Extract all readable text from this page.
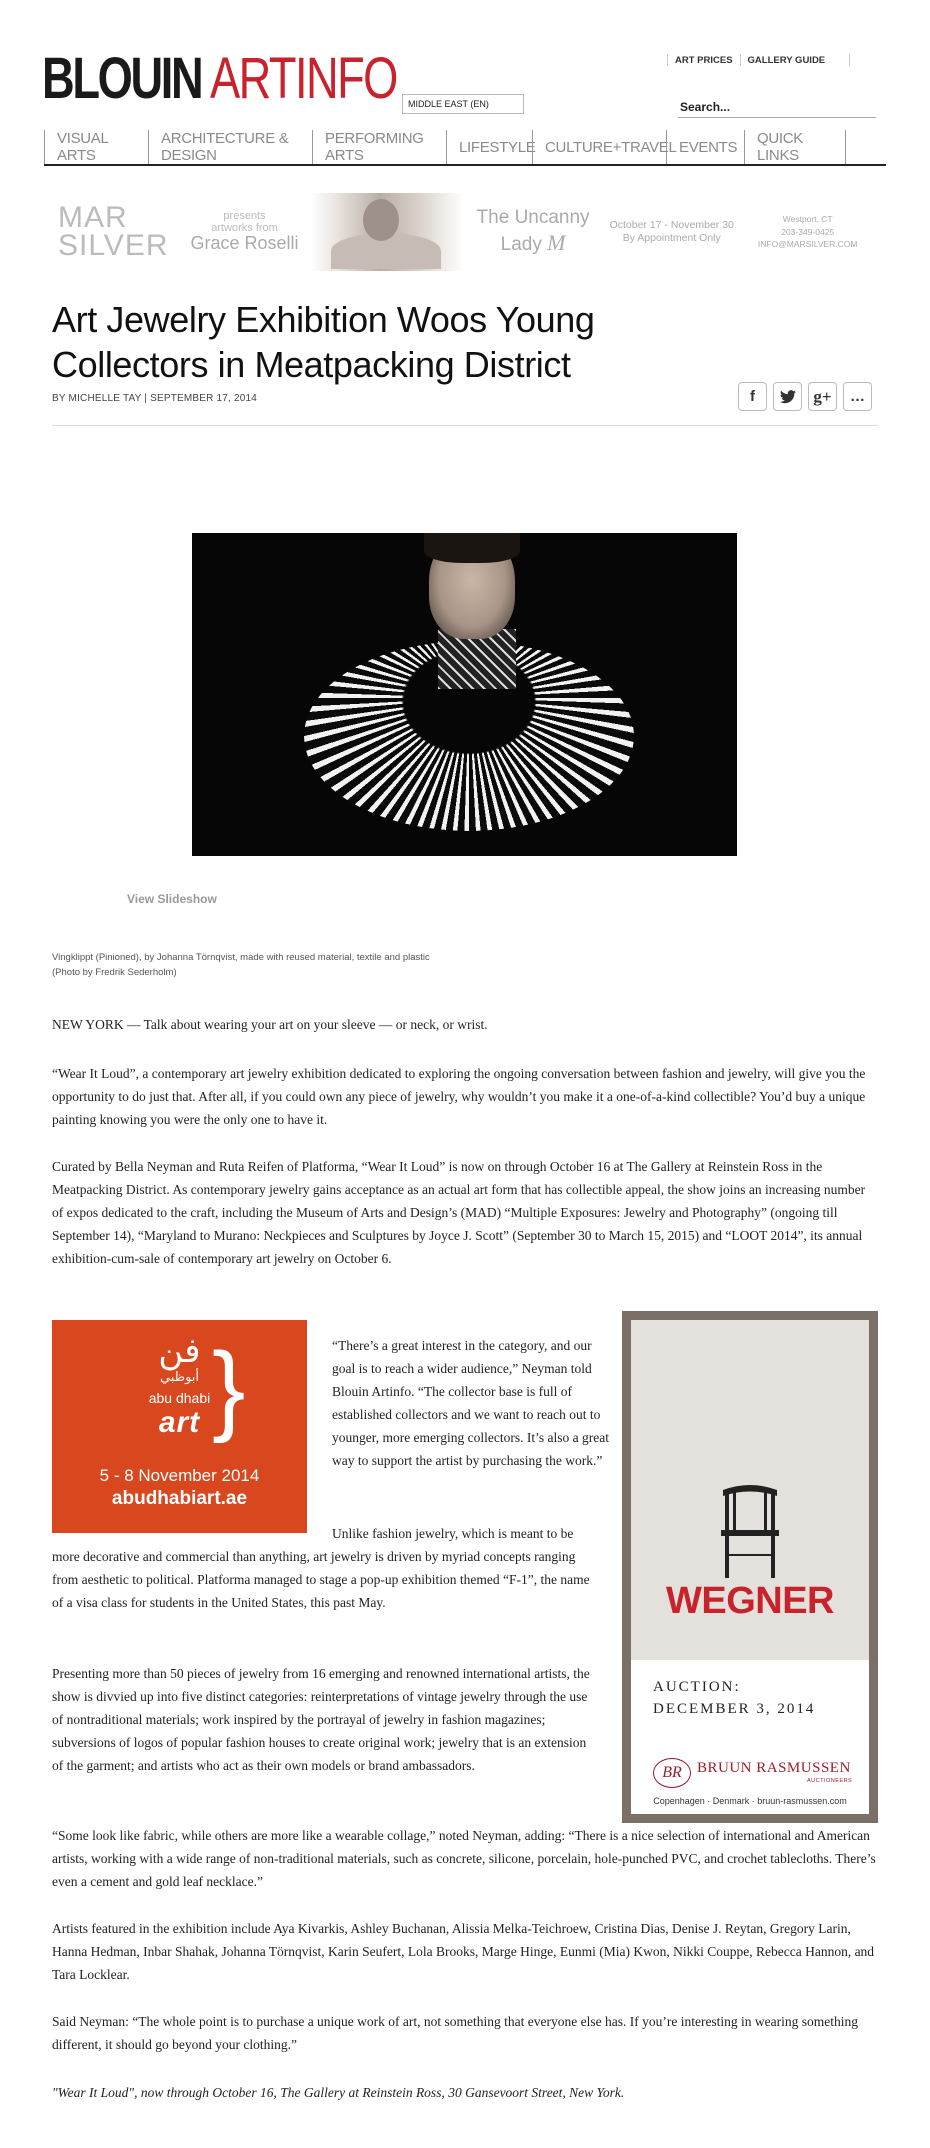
BLOUIN ARTINFO	MIDDLE EAST (EN)
ART PRICES GALLERY GUIDE
Search...
VISUAL ARTS
ARCHITECTURE & DESIGN
PERFORMING ARTS	LIFESTYLE CULTURE+TRAVEL EVENTS	QUICK LINKS
MAR
SILVER
presents
artworks from
Grace Roselli
The Uncanny
Lady M
October 17 - November 30
By Appointment Only
Westport, CT
203-349-0425
INFO@MARSILVER.COM
Art Jewelry Exhibition Woos Young Collectors in Meatpacking District
BY MICHELLE TAY | SEPTEMBER 17, 2014	f	g+ …
View Slideshow
Vingklippt (Pinioned), by Johanna Törnqvist, made with reused material, textile and plastic
(Photo by Fredrik Sederholm)

NEW YORK — Talk about wearing your art on your sleeve — or neck, or wrist.

“Wear It Loud”, a contemporary art jewelry exhibition dedicated to exploring the ongoing conversation between fashion and jewelry, will give you the opportunity to do just that. After all, if you could own any piece of jewelry, why wouldn’t you make it a one-of-a-kind collectible? You’d buy a unique painting knowing you were the only one to have it.

Curated by Bella Neyman and Ruta Reifen of Platforma, “Wear It Loud” is now on through October 16 at The Gallery at Reinstein Ross in the Meatpacking District. As contemporary jewelry gains acceptance as an actual art form that has collectible appeal, the show joins an increasing number of expos dedicated to the craft, including the Museum of Arts and Design’s (MAD) “Multiple Exposures: Jewelry and Photography” (ongoing till September 14), “Maryland to Murano: Neckpieces and Sculptures by Joyce J. Scott” (September 30 to March 15, 2015) and “LOOT 2014”, its annual exhibition-cum-sale of contemporary art jewelry on October 6.

فن
أبوظبي
abu dhabi
art }
5 - 8 November 2014
abudhabiart.ae

“There’s a great interest in the category, and our goal is to reach a wider audience,” Neyman told Blouin Artinfo. “The collector base is full of established collectors and we want to reach out to younger, more emerging collectors. It’s also a great way to support the artist by purchasing the work.”

Unlike fashion jewelry, which is meant to be more decorative and commercial than anything, art jewelry is driven by myriad concepts ranging from aesthetic to political. Platforma managed to stage a pop-up exhibition themed “F-1”, the name of a visa class for students in the United States, this past May.

Presenting more than 50 pieces of jewelry from 16 emerging and renowned international artists, the show is divvied up into five distinct categories: reinterpretations of vintage jewelry through the use of nontraditional materials; work inspired by the portrayal of jewelry in fashion magazines; subversions of logos of popular fashion houses to create original work; jewelry that is an extension of the garment; and artists who act as their own models or brand ambassadors.

WEGNER
AUCTION:
DECEMBER 3, 2014
BR	BRUUN RASMUSSEN
AUCTIONEERS
Copenhagen · Denmark · bruun-rasmussen.com

“Some look like fabric, while others are more like a wearable collage,” noted Neyman, adding: “There is a nice selection of international and American artists, working with a wide range of non-traditional materials, such as concrete, silicone, porcelain, hole-punched PVC, and crochet tablecloths. There’s even a cement and gold leaf necklace.”

Artists featured in the exhibition include Aya Kivarkis, Ashley Buchanan, Alissia Melka-Teichroew, Cristina Dias, Denise J. Reytan, Gregory Larin, Hanna Hedman, Inbar Shahak, Johanna Törnqvist, Karin Seufert, Lola Brooks, Marge Hinge, Eunmi (Mia) Kwon, Nikki Couppe, Rebecca Hannon, and Tara Locklear.

Said Neyman: “The whole point is to purchase a unique work of art, not something that everyone else has. If you’re interesting in wearing something different, it should go beyond your clothing.”

"Wear It Loud", now through October 16, The Gallery at Reinstein Ross, 30 Gansevoort Street, New York.
